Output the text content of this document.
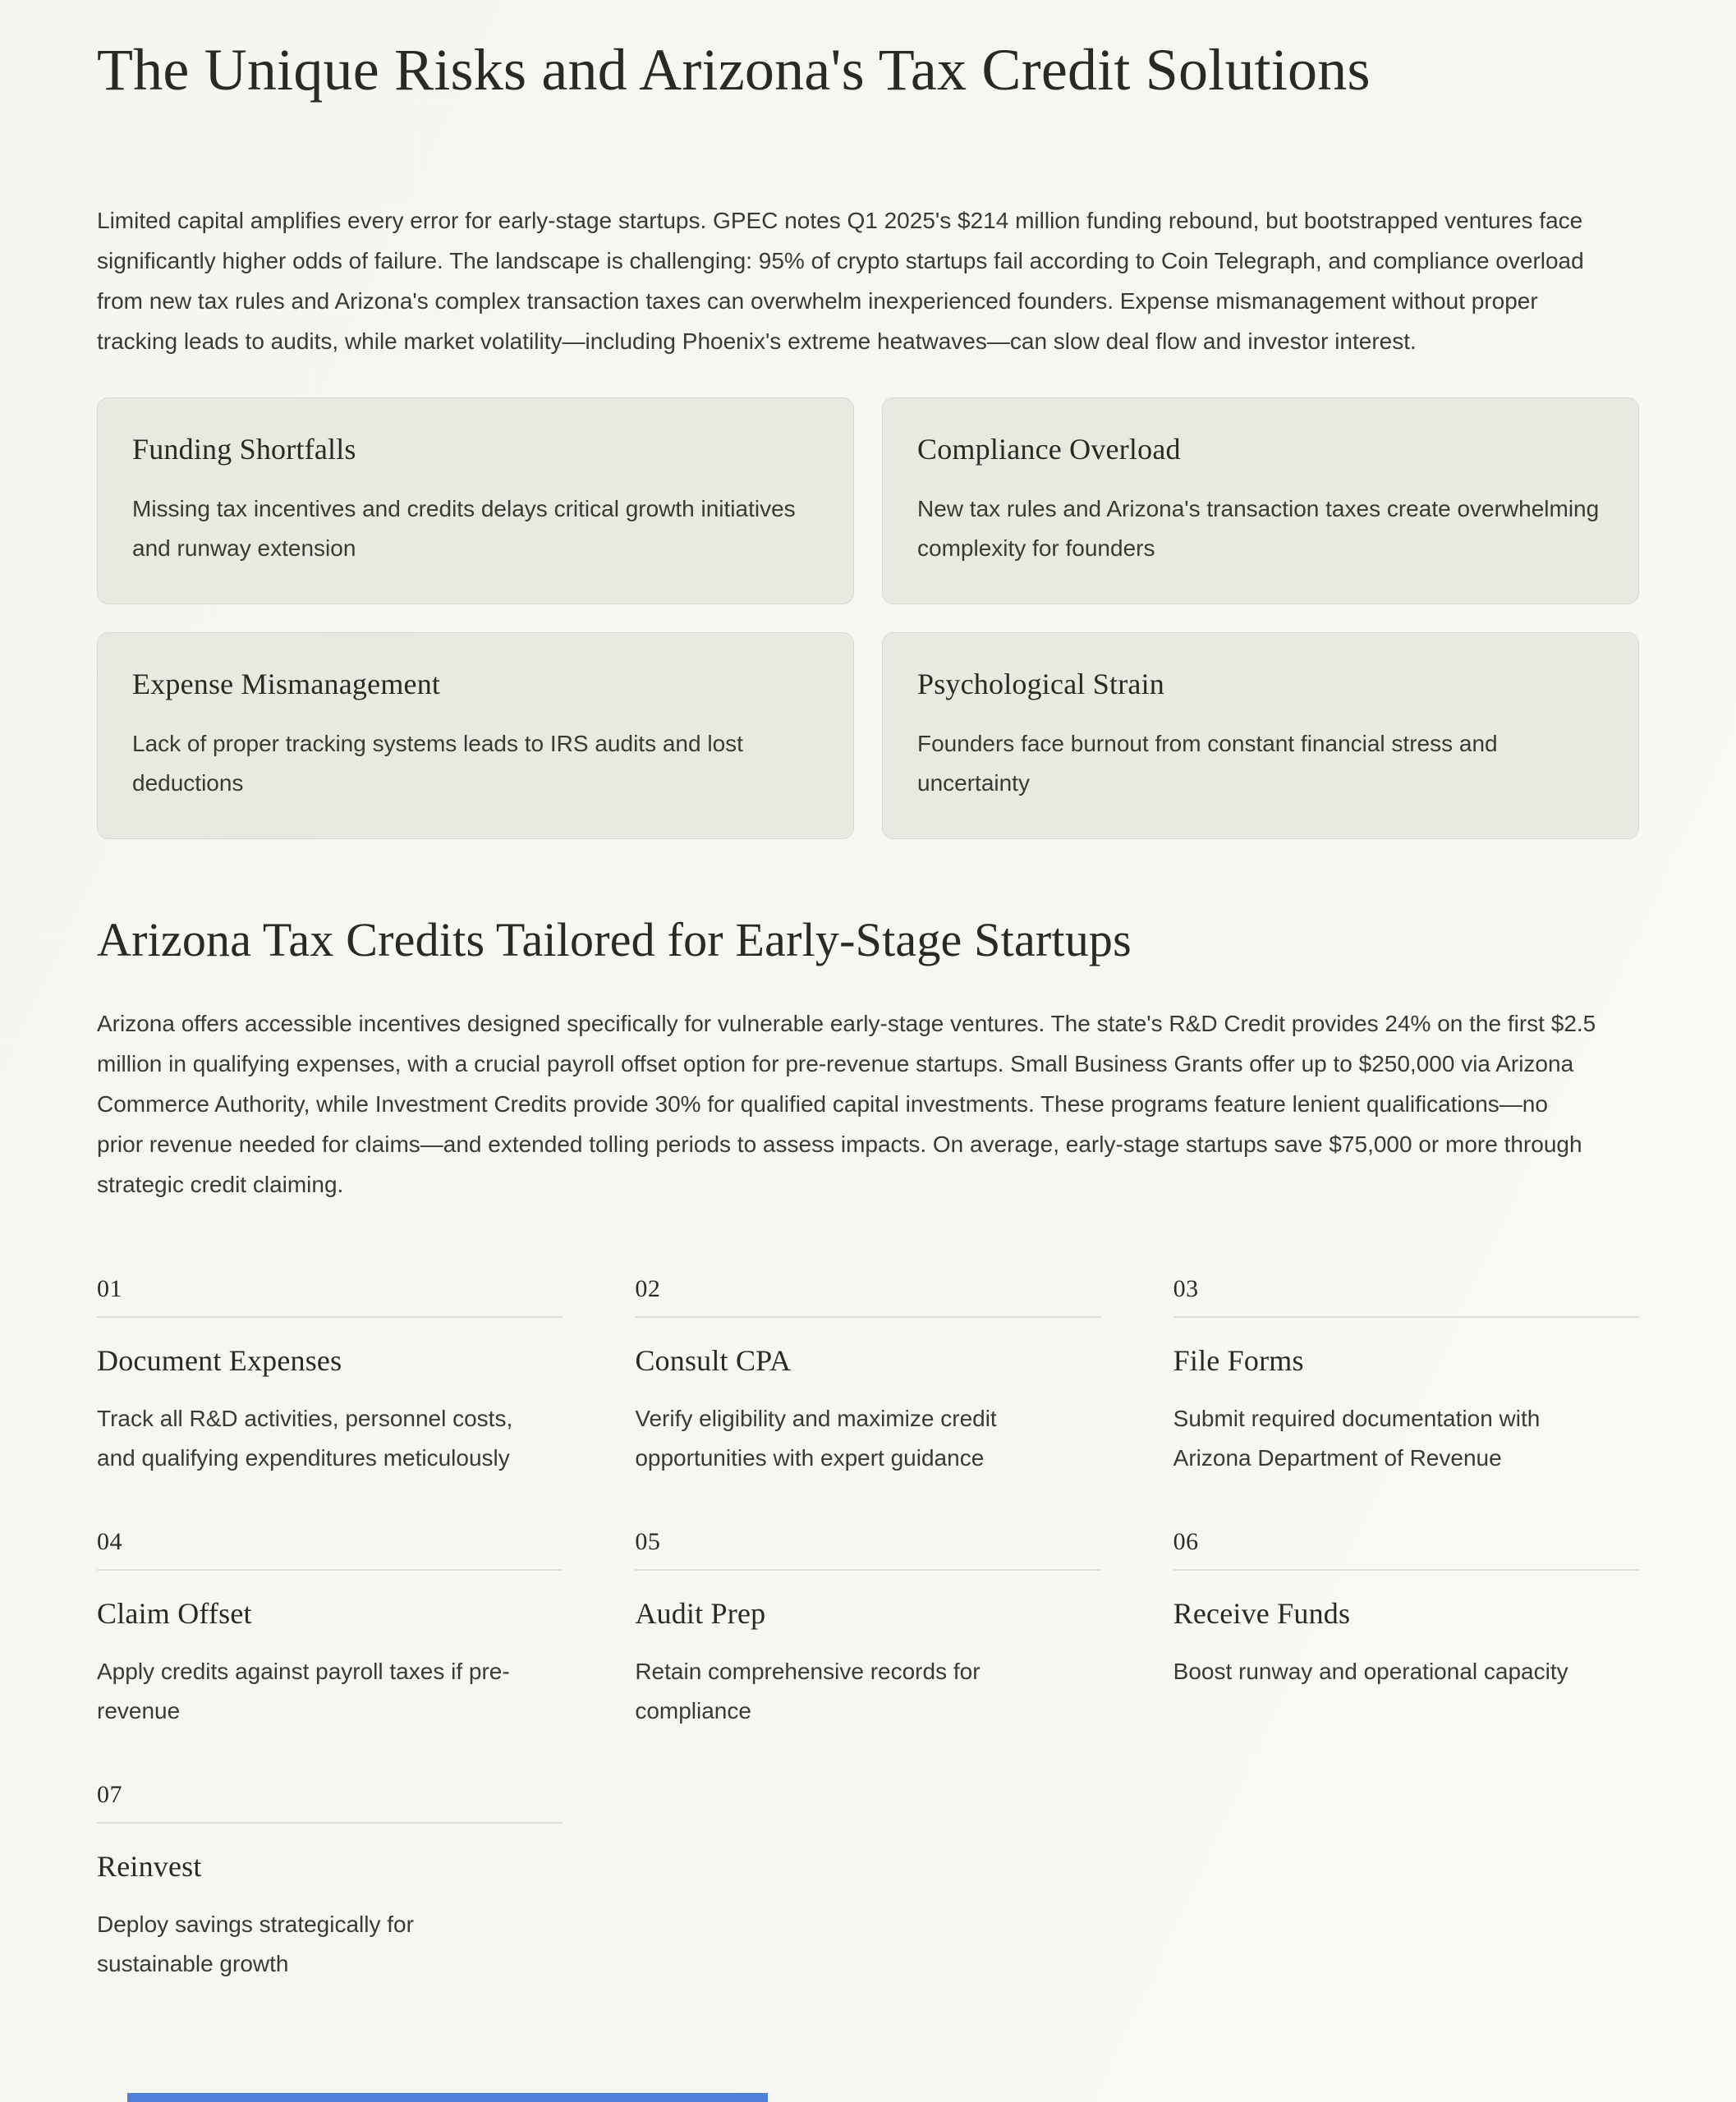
The Unique Risks and Arizona's Tax Credit Solutions

Limited capital amplifies every error for early-stage startups. GPEC notes Q1 2025's $214 million funding rebound, but bootstrapped ventures face significantly higher odds of failure. The landscape is challenging: 95% of crypto startups fail according to Coin Telegraph, and compliance overload from new tax rules and Arizona's complex transaction taxes can overwhelm inexperienced founders. Expense mismanagement without proper tracking leads to audits, while market volatility—including Phoenix's extreme heatwaves—can slow deal flow and investor interest.

Funding Shortfalls

Missing tax incentives and credits delays critical growth initiatives and runway extension

Compliance Overload

New tax rules and Arizona's transaction taxes create overwhelming complexity for founders

Expense Mismanagement

Lack of proper tracking systems leads to IRS audits and lost deductions

Psychological Strain

Founders face burnout from constant financial stress and uncertainty

Arizona Tax Credits Tailored for Early-Stage Startups

Arizona offers accessible incentives designed specifically for vulnerable early-stage ventures. The state's R&D Credit provides 24% on the first $2.5 million in qualifying expenses, with a crucial payroll offset option for pre-revenue startups. Small Business Grants offer up to $250,000 via Arizona Commerce Authority, while Investment Credits provide 30% for qualified capital investments. These programs feature lenient qualifications—no prior revenue needed for claims—and extended tolling periods to assess impacts. On average, early-stage startups save $75,000 or more through strategic credit claiming.

01
Document Expenses

Track all R&D activities, personnel costs, and qualifying expenditures meticulously

02
Consult CPA

Verify eligibility and maximize credit opportunities with expert guidance

03
File Forms

Submit required documentation with Arizona Department of Revenue

04
Claim Offset

Apply credits against payroll taxes if pre-revenue

05
Audit Prep

Retain comprehensive records for compliance

06
Receive Funds

Boost runway and operational capacity

07
Reinvest

Deploy savings strategically for sustainable growth
